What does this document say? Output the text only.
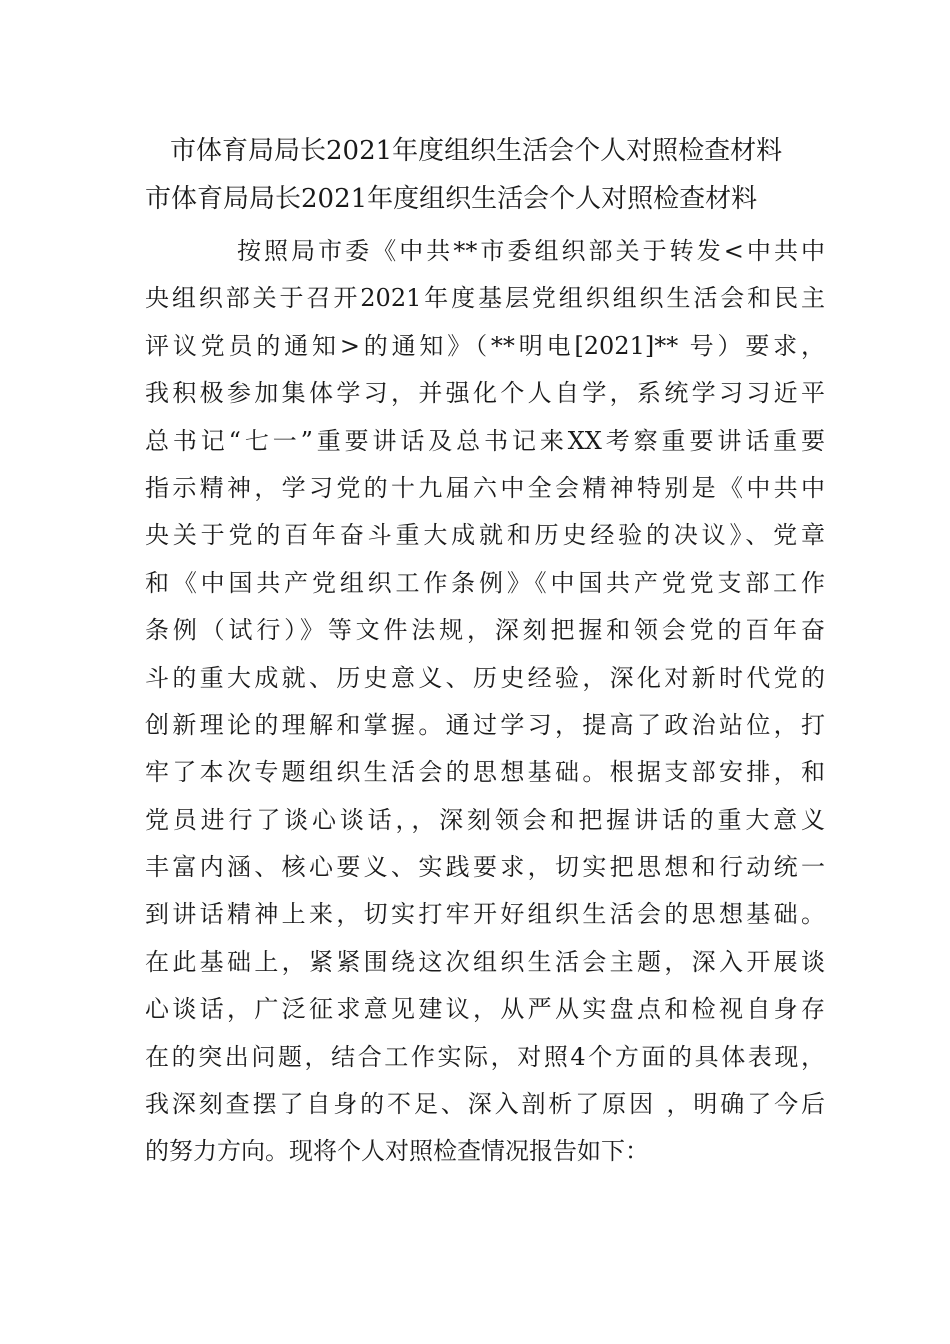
市体育局局长2021年度组织生活会个人对照检查材料
市体育局局长2021年度组织生活会个人对照检查材料
按照局市委《中共**市委组织部关于转发<中共中
央组织部关于召开2021年度基层党组织组织生活会和民主
评议党员的通知>的通知》（**明电[2021]** 号）要求，
我积极参加集体学习，并强化个人自学，系统学习习近平
总书记“七一”重要讲话及总书记来XX考察重要讲话重要
指示精神，学习党的十九届六中全会精神特别是《中共中
央关于党的百年奋斗重大成就和历史经验的决议》、党章
和《中国共产党组织工作条例》《中国共产党党支部工作
条例（试行）》等文件法规，深刻把握和领会党的百年奋
斗的重大成就、历史意义、历史经验，深化对新时代党的
创新理论的理解和掌握。通过学习，提高了政治站位，打
牢了本次专题组织生活会的思想基础。根据支部安排，和
党员进行了谈心谈话，，深刻领会和把握讲话的重大意义
丰富内涵、核心要义、实践要求，切实把思想和行动统一
到讲话精神上来，切实打牢开好组织生活会的思想基础。
在此基础上，紧紧围绕这次组织生活会主题，深入开展谈
心谈话，广泛征求意见建议，从严从实盘点和检视自身存
在的突出问题，结合工作实际，对照4个方面的具体表现，
我深刻查摆了自身的不足、深入剖析了原因 ，明确了今后
的努力方向。现将个人对照检查情况报告如下：
